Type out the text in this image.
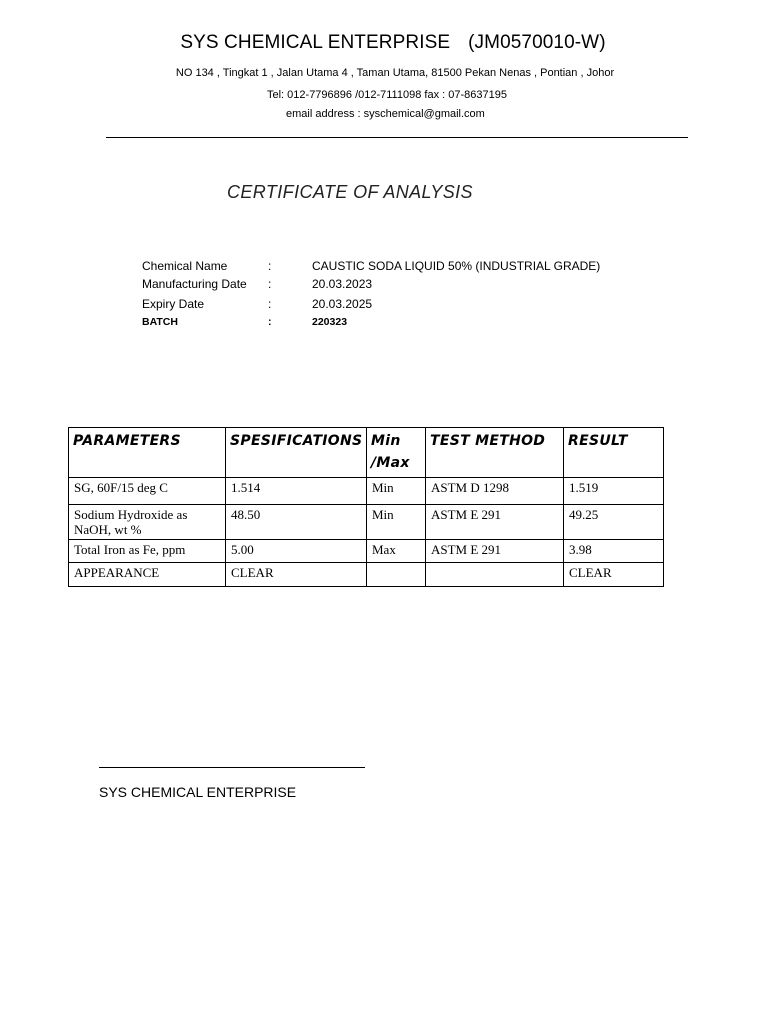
SYS CHEMICAL ENTERPRISE (JM0570010-W)
NO 134 , Tingkat 1 , Jalan Utama 4 , Taman Utama, 81500 Pekan Nenas , Pontian , Johor
Tel: 012-7796896 /012-7111098 fax : 07-8637195
email address : syschemical@gmail.com
CERTIFICATE OF ANALYSIS
Chemical Name	:	CAUSTIC SODA LIQUID 50% (INDUSTRIAL GRADE)
Manufacturing Date :	20.03.2023
Expiry Date	:	20.03.2025
BATCH	:	220323
PARAMETERS	SPESIFICATIONS	Min /Max	TEST METHOD	RESULT
SG, 60F/15 deg C	1.514	Min	ASTM D 1298	1.519
Sodium Hydroxide as NaOH, wt %	48.50	Min	ASTM E 291	49.25
Total Iron as Fe, ppm	5.00	Max	ASTM E 291	3.98
APPEARANCE	CLEAR			CLEAR
SYS CHEMICAL ENTERPRISE
